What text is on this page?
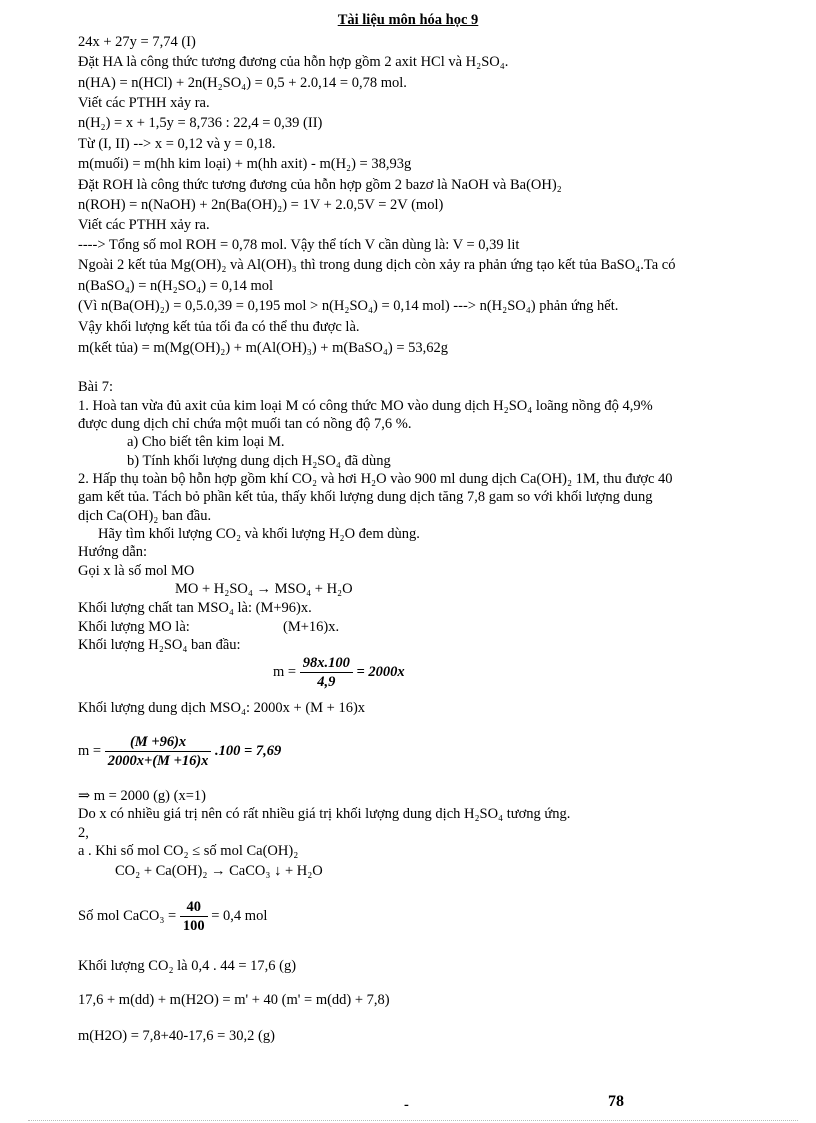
Tài liệu môn hóa học 9
24x + 27y = 7,74 (I)
Đặt HA là công thức tương đương của hỗn hợp gồm 2 axit HCl và H₂SO₄.
n(HA) = n(HCl) + 2n(H₂SO₄) = 0,5 + 2.0,14 = 0,78 mol.
Viết các PTHH xảy ra.
n(H₂) = x + 1,5y = 8,736 : 22,4 = 0,39 (II)
Từ (I, II) --> x = 0,12 và y = 0,18.
m(muối) = m(hh kim loại) + m(hh axit) - m(H₂) = 38,93g
Đặt ROH là công thức tương đương của hỗn hợp gồm 2 bazơ là NaOH và Ba(OH)₂
n(ROH) = n(NaOH) + 2n(Ba(OH)₂) = 1V + 2.0,5V = 2V (mol)
Viết các PTHH xảy ra.
----> Tổng số mol ROH = 0,78 mol. Vậy thể tích V cần dùng là: V = 0,39 lit
Ngoài 2 kết tủa Mg(OH)₂ và Al(OH)₃ thì trong dung dịch còn xảy ra phản ứng tạo kết tủa BaSO₄.Ta có
n(BaSO₄) = n(H₂SO₄) = 0,14 mol
(Vì n(Ba(OH)₂) = 0,5.0,39 = 0,195 mol > n(H₂SO₄) = 0,14 mol) ---> n(H₂SO₄) phản ứng hết.
Vậy khối lượng kết tủa tối đa có thể thu được là.
m(kết tủa) = m(Mg(OH)₂) + m(Al(OH)₃) + m(BaSO₄) = 53,62g
Bài 7:
1. Hoà tan vừa đủ axit của kim loại M có công thức MO vào dung dịch H₂SO₄ loãng nồng độ 4,9%
được dung dịch chỉ chứa một muối tan có nồng độ 7,6 %.
a) Cho biết tên kim loại M.
b) Tính khối lượng dung dịch H₂SO₄ đã dùng
2. Hấp thụ toàn bộ hỗn hợp gồm khí CO₂ và hơi H₂O vào 900 ml dung dịch Ca(OH)₂ 1M, thu được 40
gam kết tủa. Tách bỏ phần kết tủa, thấy khối lượng dung dịch tăng 7,8 gam so với khối lượng dung
dịch Ca(OH)₂ ban đầu.
Hãy tìm khối lượng CO₂ và khối lượng H₂O đem dùng.
Hướng dẫn:
Gọi x là số mol MO
MO + H₂SO₄ → MSO₄ + H₂O
Khối lượng chất tan MSO₄ là: (M+96)x.
Khối lượng MO là:	(M+16)x.
Khối lượng H₂SO₄ ban đầu:
$m = \frac{98x.100}{4,9} = 2000x$
Khối lượng dung dịch MSO₄: 2000x + (M + 16)x
$m = \frac{(M +96)x}{2000x+(M +16)x} .100 = 7,69$
⇒ m = 2000 (g) (x=1)
Do x có nhiều giá trị nên có rất nhiều giá trị khối lượng dung dịch H₂SO₄ tương ứng.
2,
a . Khi số mol CO₂ ≤ số mol Ca(OH)₂
CO₂ + Ca(OH)₂ → CaCO₃ ↓ + H₂O
Số mol CaCO₃ = $\frac{40}{100} = 0,4$ mol
Khối lượng CO₂ là 0,4 . 44 = 17,6 (g)
17,6 + m(dd) + m(H2O) = m' + 40 (m' = m(dd) + 7,8)
m(H2O) = 7,8+40-17,6 = 30,2 (g)
-	78
